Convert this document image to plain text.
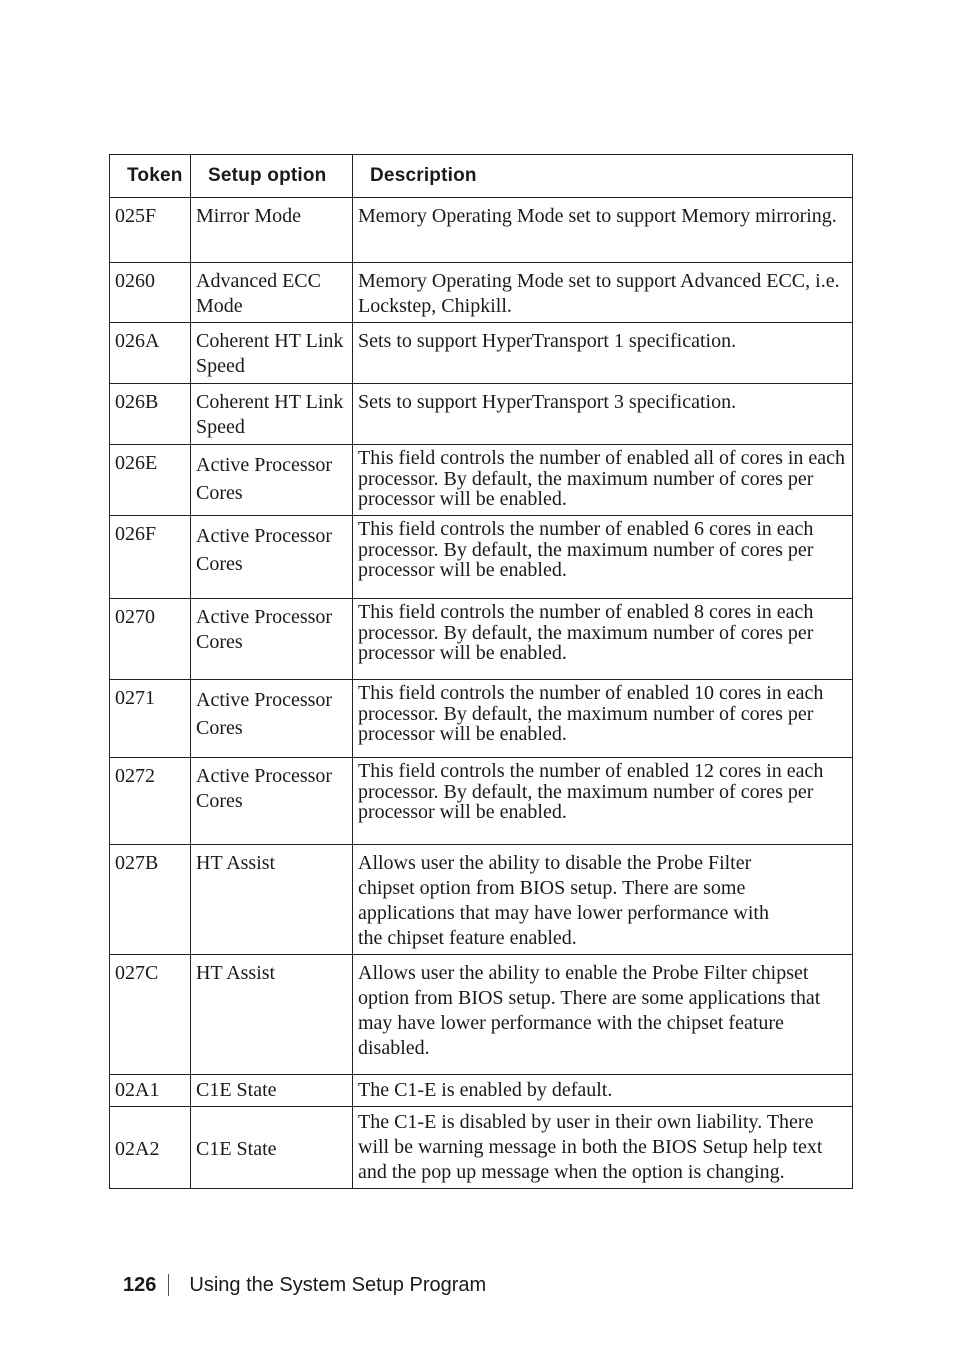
Token	Setup option	Description
025F	Mirror Mode	Memory Operating Mode set to support Memory mirroring.
0260	Advanced ECC Mode	Memory Operating Mode set to support Advanced ECC, i.e. Lockstep, Chipkill.
026A	Coherent HT Link Speed	Sets to support HyperTransport 1 specification.
026B	Coherent HT Link Speed	Sets to support HyperTransport 3 specification.
026E	Active Processor Cores	This field controls the number of enabled all of cores in each processor. By default, the maximum number of cores per processor will be enabled.
026F	Active Processor Cores	This field controls the number of enabled 6 cores in each processor. By default, the maximum number of cores per processor will be enabled.
0270	Active Processor Cores	This field controls the number of enabled 8 cores in each processor. By default, the maximum number of cores per processor will be enabled.
0271	Active Processor Cores	This field controls the number of enabled 10 cores in each processor. By default, the maximum number of cores per processor will be enabled.
0272	Active Processor Cores	This field controls the number of enabled 12 cores in each processor. By default, the maximum number of cores per processor will be enabled.
027B	HT Assist	Allows user the ability to disable the Probe Filter chipset option from BIOS setup. There are some applications that may have lower performance with the chipset feature enabled.
027C	HT Assist	Allows user the ability to enable the Probe Filter chipset option from BIOS setup. There are some applications that may have lower performance with the chipset feature disabled.
02A1	C1E State	The C1-E is enabled by default.
02A2	C1E State	The C1-E is disabled by user in their own liability. There will be warning message in both the BIOS Setup help text and the pop up message when the option is changing.
126 Using the System Setup Program
